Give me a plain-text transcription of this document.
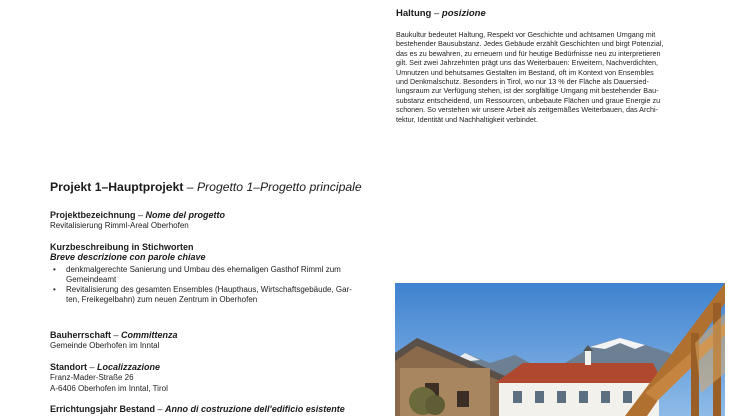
Haltung – posizione

Baukultur bedeutet Haltung, Respekt vor Geschichte und achtsamen Umgang mit

bestehender Bausubstanz. Jedes Gebäude erzählt Geschichten und birgt Potenzial,

das es zu bewahren, zu erneuern und für heutige Bedürfnisse neu zu interpretieren

gilt. Seit zwei Jahrzehnten prägt uns das Weiterbauen: Erweitern, Nachverdichten,

Umnutzen und behutsames Gestalten im Bestand, oft im Kontext von Ensembles

und Denkmalschutz. Besonders in Tirol, wo nur 13 % der Fläche als Dauersied-

lungsraum zur Verfügung stehen, ist der sorgfältige Umgang mit bestehender Bau-

substanz entscheidend, um Ressourcen, unbebaute Flächen und graue Energie zu

schonen. So verstehen wir unsere Arbeit als zeitgemäßes Weiterbauen, das Archi-

tektur, Identität und Nachhaltigkeit verbindet.

Projekt 1–Hauptprojekt – Progetto 1–Progetto principale
Projektbezeichnung – Nome del progetto
Revitalisierung Rimml-Areal Oberhofen
Kurzbeschreibung in Stichworten
Breve descrizione con parole chiave
• denkmalgerechte Sanierung und Umbau des ehemaligen Gasthof Rimml zum
Gemeindeamt
• Revitalisierung des gesamten Ensembles (Haupthaus, Wirtschaftsgebäude, Gar-
ten, Freikegelbahn) zum neuen Zentrum in Oberhofen
Bauherrschaft – Committenza
Gemeinde Oberhofen im Inntal
Standort – Localizzazione
Franz-Mader-Straße 26
A-6406 Oberhofen im Inntal, Tirol
Errichtungsjahr Bestand – Anno di costruzione dell'edificio esistente
